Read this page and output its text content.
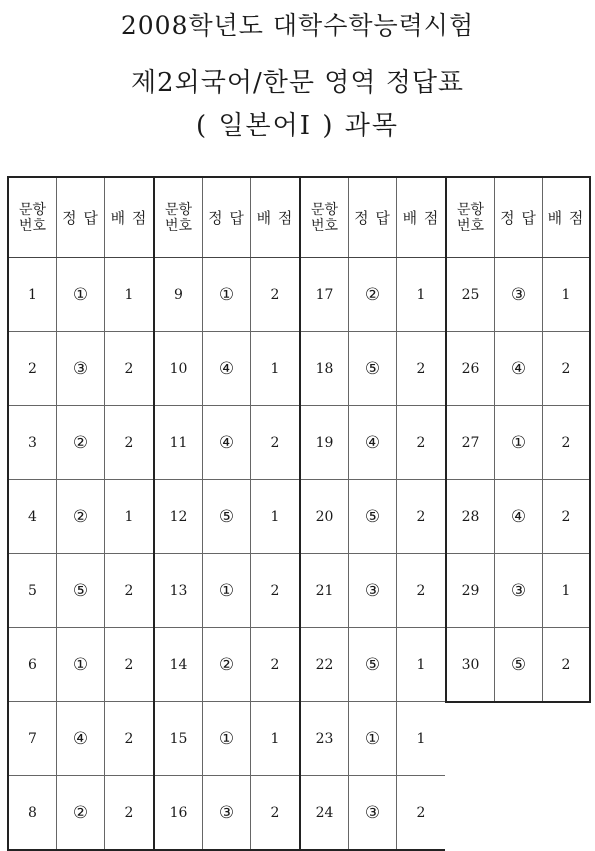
2008학년도 대학수학능력시험
제2외국어/한문 영역 정답표
( 일본어Ⅰ ) 과목
문항
번호	정 답 배 점
1	①	1
2	③	2
3	②	2
4	②	1
5	⑤	2
6	①	2
7	④	2
8	②	2
문항
번호	정 답 배 점
9	①	2
10	④	1
11	④	2
12	⑤	1
13	①	2
14	②	2
15	①	1
16	③	2
문항
번호	정 답 배 점
17	②	1
18	⑤	2
19	④	2
20	⑤	2
21	③	2
22	⑤	1
23	①	1
24	③	2
문항
번호	정 답 배 점
25	③	1
26	④	2
27	①	2
28	④	2
29	③	1
30	⑤	2
